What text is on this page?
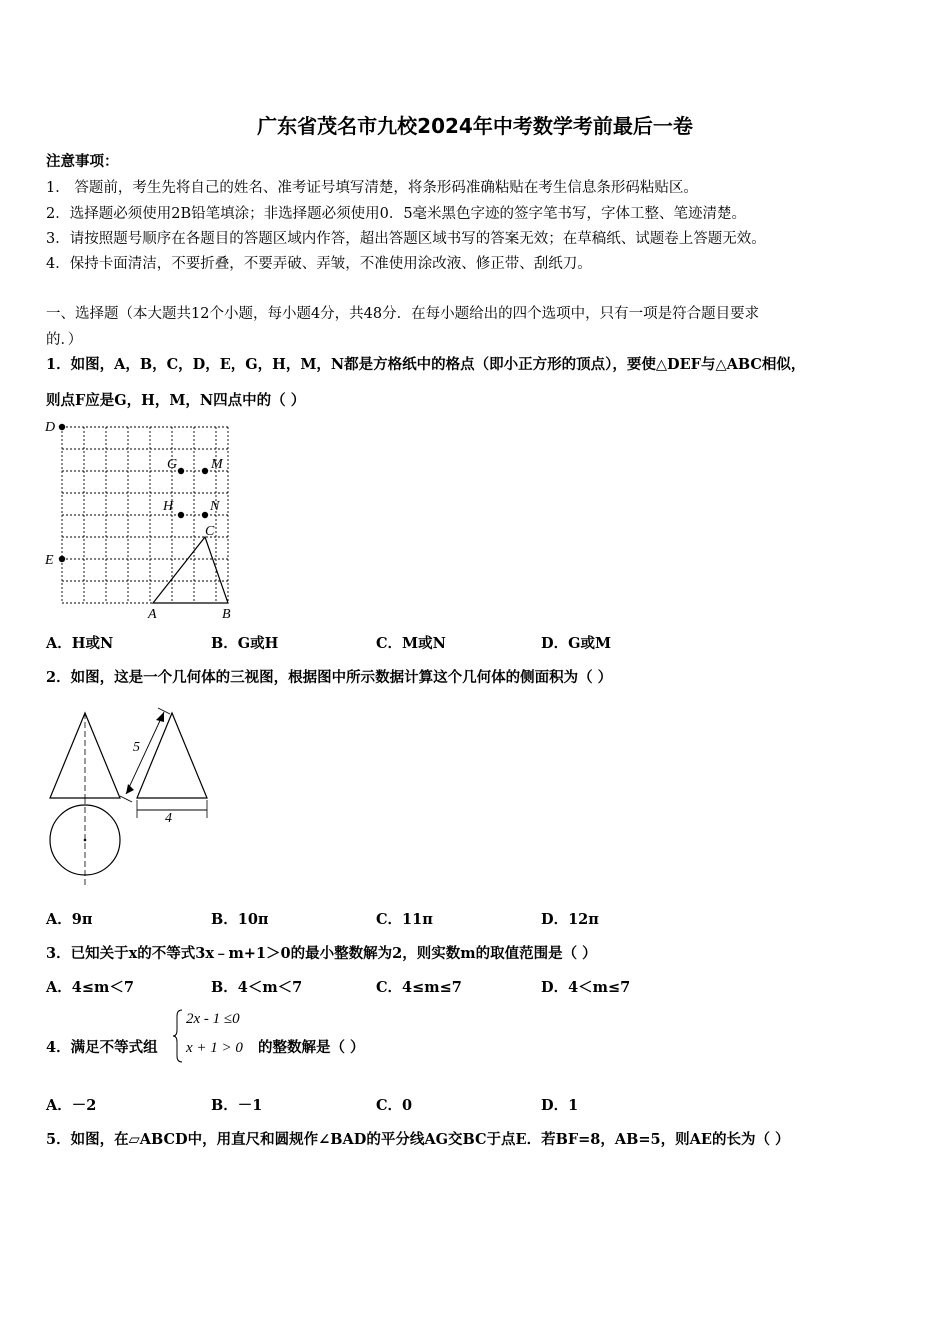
广东省茂名市九校2024年中考数学考前最后一卷
注意事项：
1． 答题前，考生先将自己的姓名、准考证号填写清楚，将条形码准确粘贴在考生信息条形码粘贴区。
2．选择题必须使用2B铅笔填涂；非选择题必须使用0．5毫米黑色字迹的签字笔书写，字体工整、笔迹清楚。
3．请按照题号顺序在各题目的答题区域内作答，超出答题区域书写的答案无效；在草稿纸、试题卷上答题无效。
4．保持卡面清洁，不要折叠，不要弄破、弄皱，不准使用涂改液、修正带、刮纸刀。
一、选择题（本大题共12个小题，每小题4分，共48分．在每小题给出的四个选项中，只有一项是符合题目要求
的．）
1．如图，A，B，C，D，E，G，H，M，N都是方格纸中的格点（即小正方形的顶点），要使△DEF与△ABC相似，
则点F应是G，H，M，N四点中的（ ）
D
G M
H	N
C
E
A	B
A．H或N	B．G或H	C．M或N	D．G或M
2．如图，这是一个几何体的三视图，根据图中所示数据计算这个几何体的侧面积为（ ）
5
4
A．9π	B．10π	C．11π	D．12π
3．已知关于x的不等式3x﹣m+1＞0的最小整数解为2，则实数m的取值范围是（ ）
A．4≤m＜7	B．4＜m＜7	C．4≤m≤7	D．4＜m≤7
4．满足不等式组
2x - 1 ≤0
x + 1 > 0 的整数解是（ ）
A．－2	B．－1	C．0	D．1
5．如图，在▱ABCD中，用直尺和圆规作∠BAD的平分线AG交BC于点E．若BF=8，AB=5，则AE的长为（ ）
